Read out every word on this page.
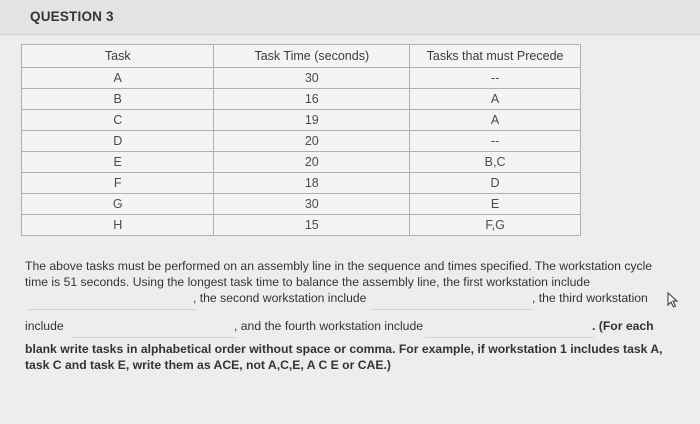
QUESTION 3
Task	Task Time (seconds)	Tasks that must Precede
A	30	--
B	16	A
C	19	A
D	20	--
E	20	B,C
F	18	D
G	30	E
H	15	F,G
The above tasks must be performed on an assembly line in the sequence and times specified. The workstation cycle time is 51 seconds. Using the longest task time to balance the assembly line, the first workstation include
, the second workstation include	, the third workstation
include	, and the fourth workstation include	. (For each
blank write tasks in alphabetical order without space or comma. For example, if workstation 1 includes task A, task C and task E, write them as ACE, not A,C,E, A C E or CAE.)
